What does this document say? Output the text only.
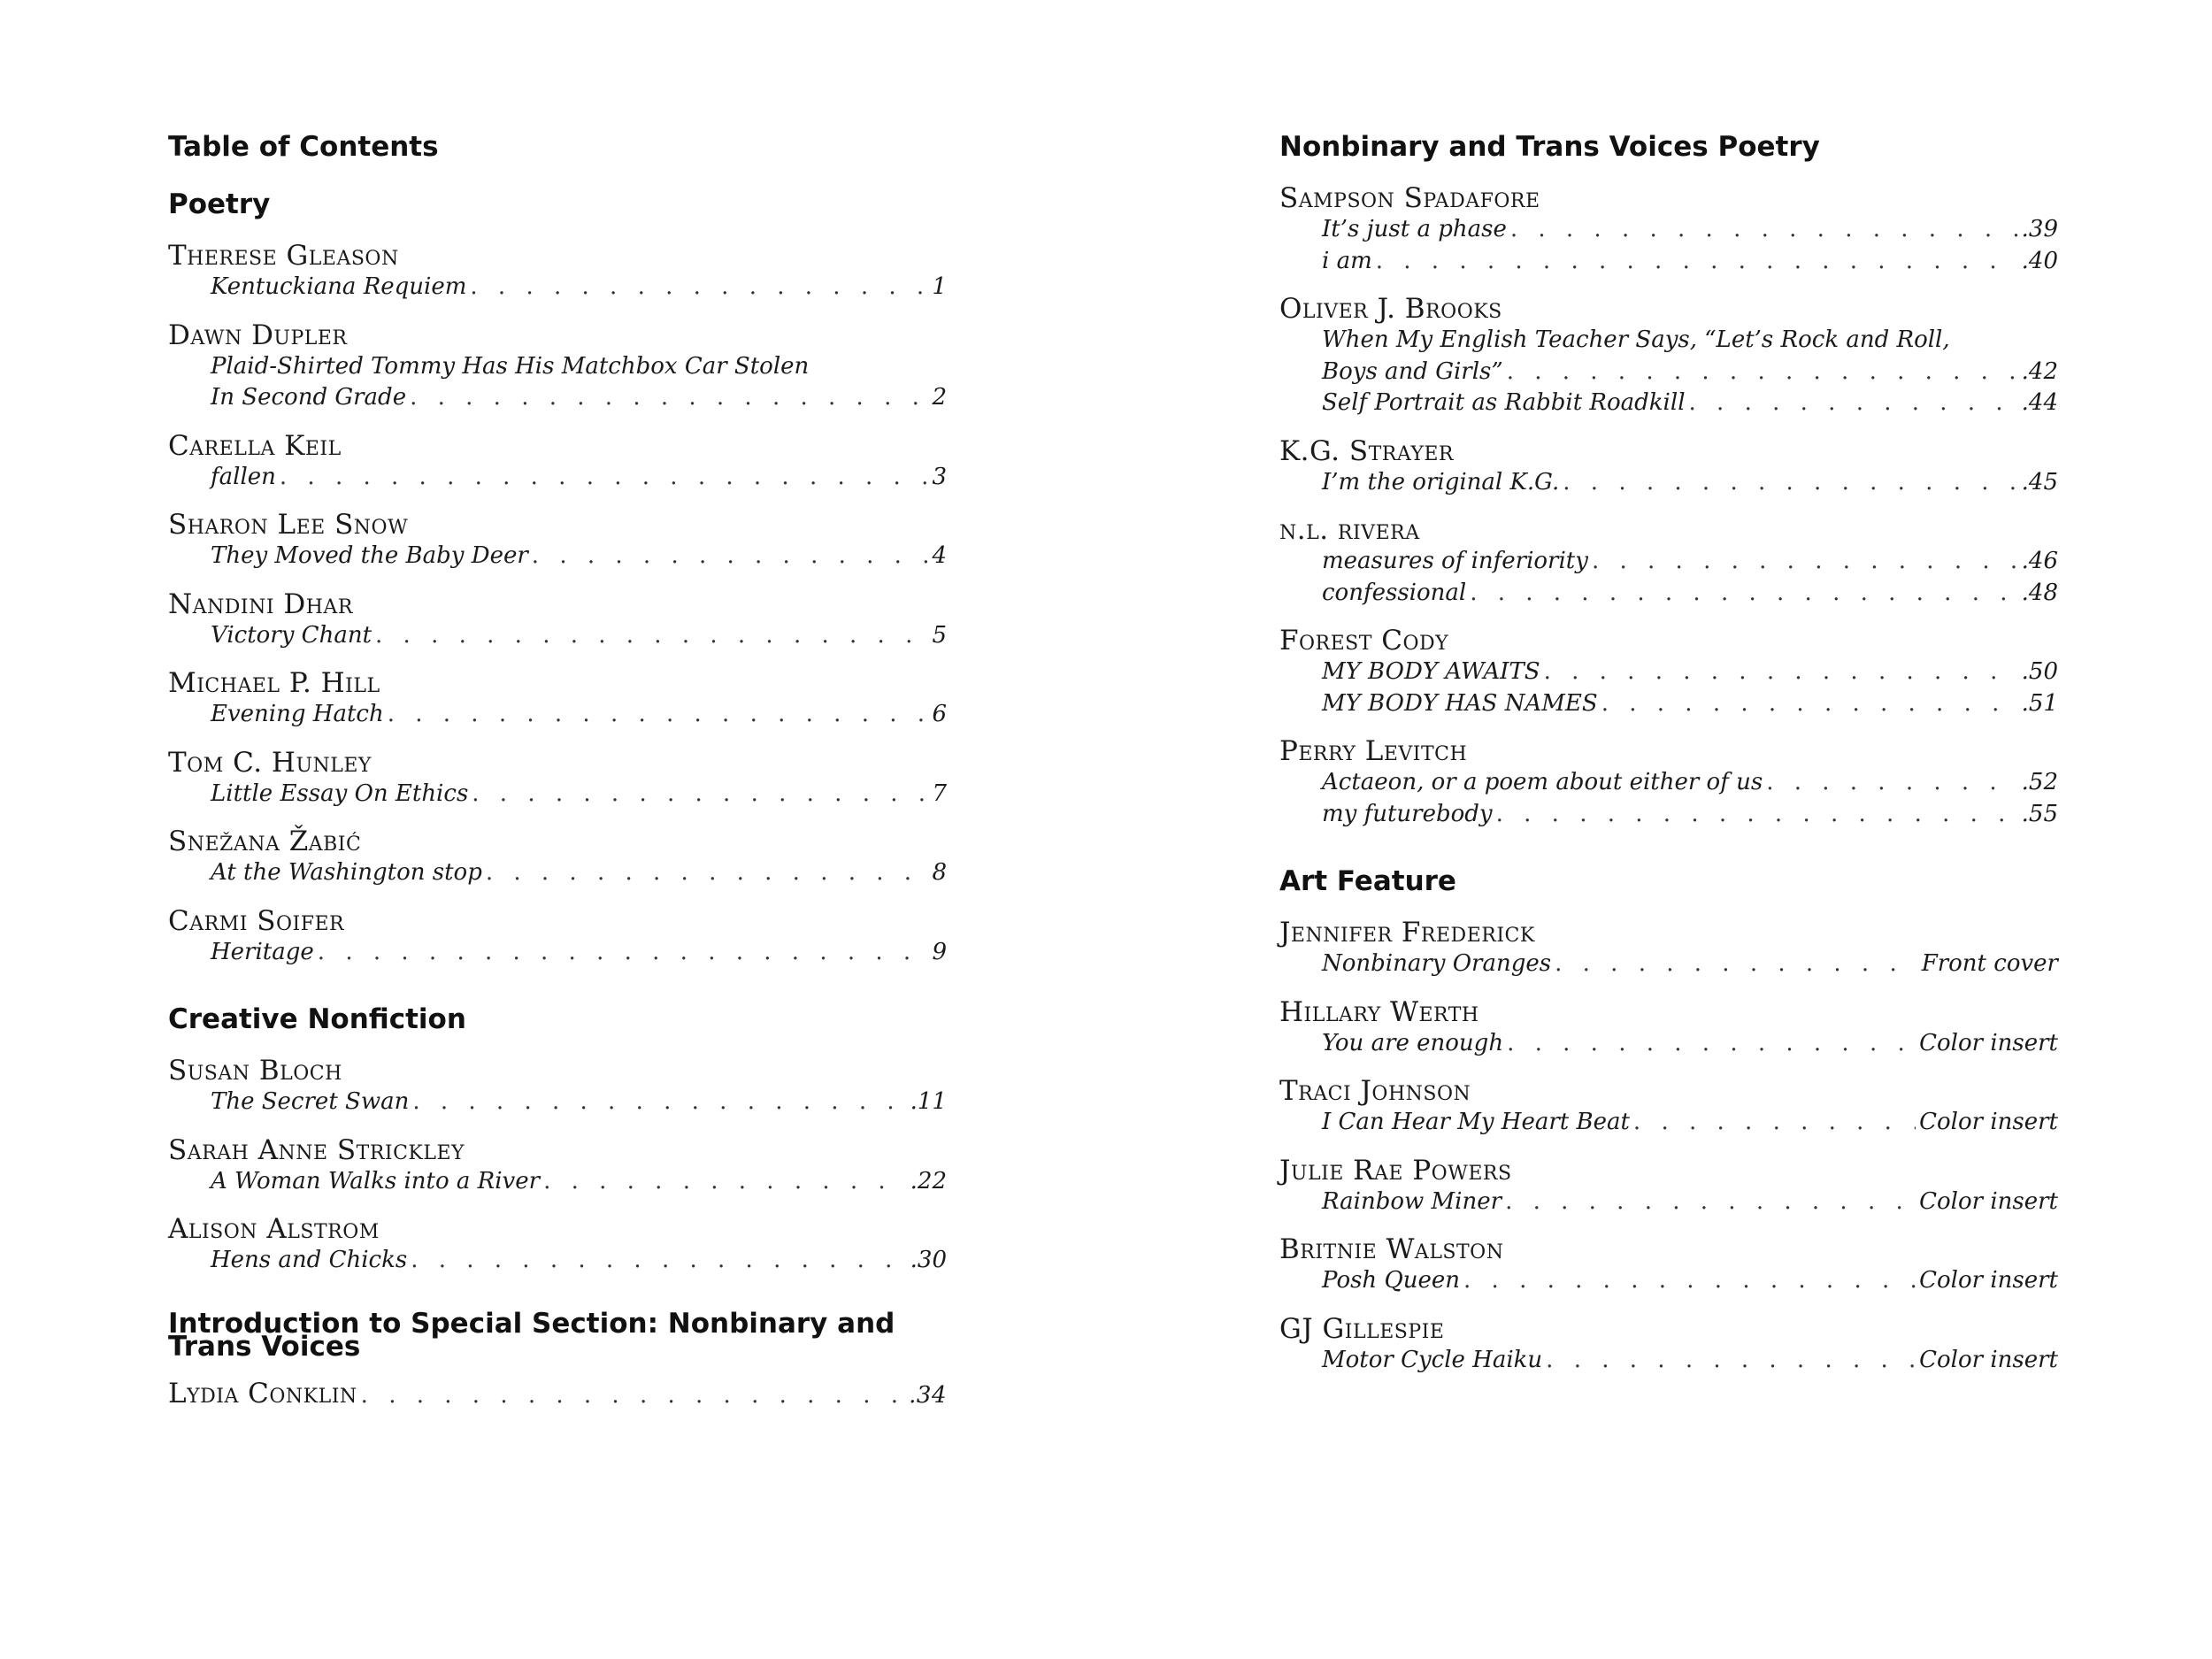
Table of Contents
Poetry
Therese Gleason
Kentuckiana Requiem . . .	1
Dawn Dupler
Plaid-Shirted Tommy Has His Matchbox Car Stolen
In Second Grade . . .	2
Carella Keil
fallen . . .	3
Sharon Lee Snow
They Moved the Baby Deer . . .	4
Nandini Dhar
Victory Chant . . .	5
Michael P. Hill
Evening Hatch . . .	6
Tom C. Hunley
Little Essay On Ethics . . .	7
Snežana Žabić
At the Washington stop . . .	8
Carmi Soifer
Heritage . . .	9
Creative Nonfiction
Susan Bloch
The Secret Swan . . .	.11
Sarah Anne Strickley
A Woman Walks into a River . . .	.22
Alison Alstrom
Hens and Chicks . . .	.30
Introduction to Special Section: Nonbinary and
Trans Voices
Lydia Conklin . . .	.34
Nonbinary and Trans Voices Poetry
Sampson Spadafore
It’s just a phase . . .	.39
i am . . .	.40
Oliver J. Brooks
When My English Teacher Says, “Let’s Rock and Roll,
Boys and Girls” . . .	.42
Self Portrait as Rabbit Roadkill . . .	.44
K.G. Strayer
I’m the original K.G. . . .	.45
n.l. rivera
measures of inferiority . . .	.46
confessional . . .	.48
Forest Cody
MY BODY AWAITS . . .	.50
MY BODY HAS NAMES . . .	.51
Perry Levitch
Actaeon, or a poem about either of us . . .	.52
my futurebody . . .	.55
Art Feature
Jennifer Frederick
Nonbinary Oranges . . .	Front cover
Hillary Werth
You are enough . . .	Color insert
Traci Johnson
I Can Hear My Heart Beat . . .	Color insert
Julie Rae Powers
Rainbow Miner . . .	Color insert
Britnie Walston
Posh Queen . . .	Color insert
GJ Gillespie
Motor Cycle Haiku . . .	Color insert
